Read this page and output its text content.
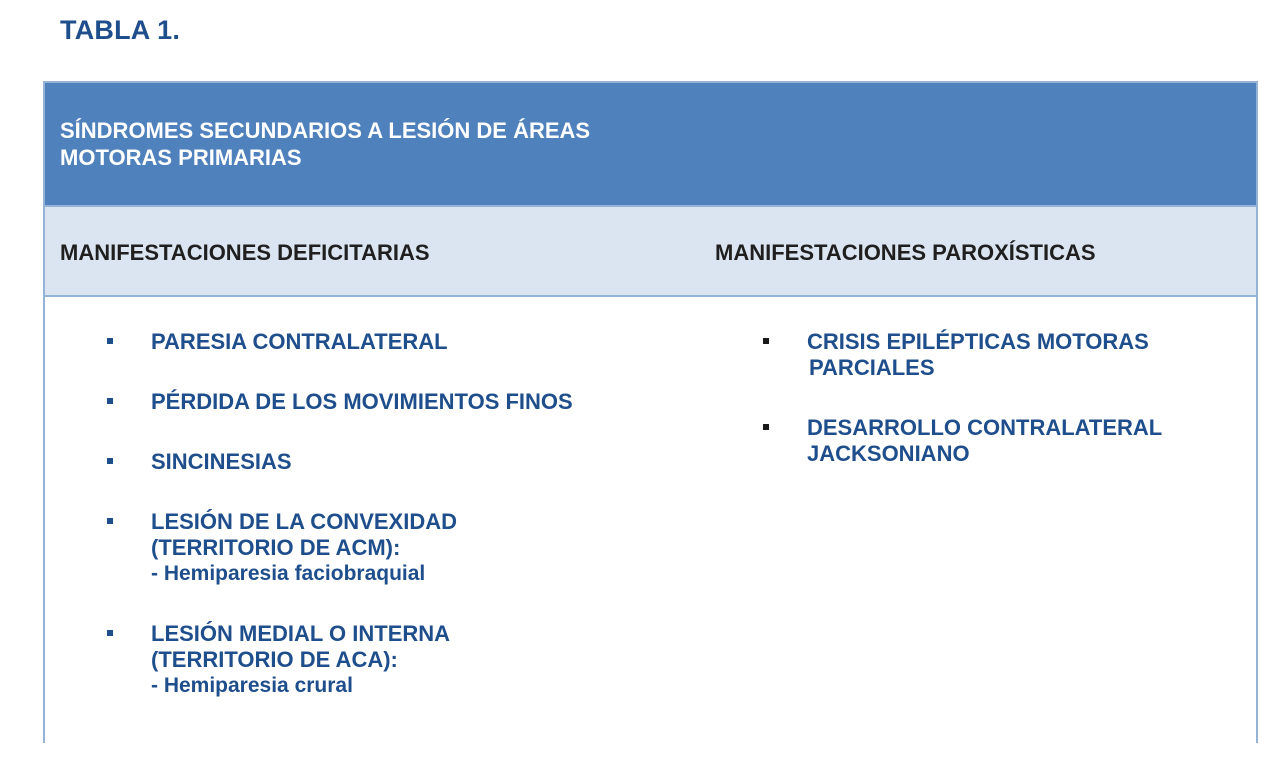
TABLA 1.
SÍNDROMES SECUNDARIOS A LESIÓN DE ÁREAS
MOTORAS PRIMARIAS
MANIFESTACIONES DEFICITARIAS	MANIFESTACIONES PAROXÍSTICAS
PARESIA CONTRALATERAL
PÉRDIDA DE LOS MOVIMIENTOS FINOS
SINCINESIAS
LESIÓN DE LA CONVEXIDAD
(TERRITORIO DE ACM):
- Hemiparesia faciobraquial
LESIÓN MEDIAL O INTERNA
(TERRITORIO DE ACA):
- Hemiparesia crural
CRISIS EPILÉPTICAS MOTORAS
PARCIALES
DESARROLLO CONTRALATERAL
JACKSONIANO
